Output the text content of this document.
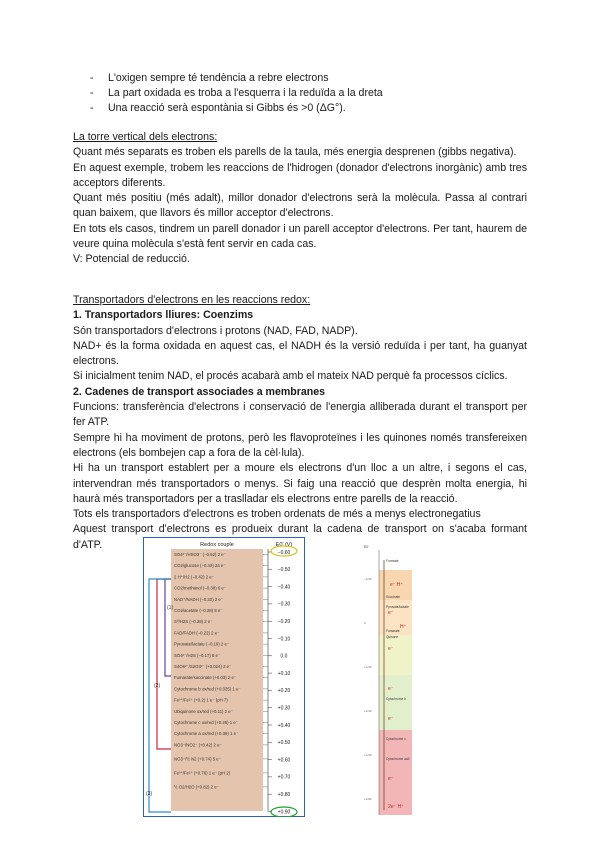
- L'oxigen sempre té tendència a rebre electrons
- La part oxidada es troba a l'esquerra i la reduïda a la dreta
- Una reacció serà espontània si Gibbs és >0 (ΔG°).

La torre vertical dels electrons:

Quant més separats es troben els parells de la taula, més energia desprenen (gibbs negativa).

En aquest exemple, trobem les reaccions de l'hidrogen (donador d'electrons inorgànic) amb tres acceptors diferents.

Quant més positiu (més adalt), millor donador d'electrons serà la molècula. Passa al contrari quan baixem, que llavors és millor acceptor d'electrons.

En tots els casos, tindrem un parell donador i un parell acceptor d'electrons. Per tant, haurem de veure quina molècula s'està fent servir en cada cas.

V: Potencial de reducció.

Transportadors d'electrons en les reaccions redox:

1. Transportadors lliures: Coenzims

Són transportadors d'electrons i protons (NAD, FAD, NADP).

NAD+ és la forma oxidada en aquest cas, el NADH és la versió reduïda i per tant, ha guanyat electrons.

Si inicialment tenim NAD, el procés acabarà amb el mateix NAD perquè fa processos cíclics.

2. Cadenes de transport associades a membranes

Funcions: transferència d'electrons i conservació de l'energia alliberada durant el transport per fer ATP.

Sempre hi ha moviment de protons, però les flavoproteïnes i les quinones només transfereixen electrons (els bombejen cap a fora de la cèl·lula).

Hi ha un transport establert per a moure els electrons d'un lloc a un altre, i segons el cas, intervendran més transportadors o menys. Si faig una reacció que desprèn molta energia, hi haurà més transportadors per a traslladar els electrons entre parells de la reacció.

Tots els transportadors d'electrons es troben ordenats de més a menys electronegatius

Aquest transport d'electrons es produeix durant la cadena de transport on s'acaba formant d'ATP.	Redox couple	E0' (V)
SO4²⁻/HSO3⁻ (−0.52) 2 e⁻
CO2/glucose (−0.43) 24 e⁻
2 H⁺/H2 (−0.42) 2 e⁻
CO2/methanol (−0.38) 6 e⁻
NAD⁺/NADH (−0.32) 2 e⁻
CO2/acetate (−0.28) 8 e⁻
S⁰/H2S (−0.28) 2 e⁻
FAD/FADH (−0.22) 2 e⁻
Pyruvate/lactate (−0.19) 2 e⁻
SO4²⁻/H2S (−0.17) 8 e⁻
S4O6²⁻/S2O3²⁻ (+0.024) 2 e⁻
Fumarate/succinate (+0.03) 2 e⁻
Cytochrome b ox/red (+0.035) 1 e⁻
Fe³⁺/Fe²⁺ (+0.2) 1 e⁻ (pH 7)
Ubiquinone ox/red (+0.11) 2 e⁻
Cytochrome c ox/red (+0.25) 1 e⁻
Cytochrome a ox/red (+0.39) 1 e⁻
NO3⁻/NO2⁻ (+0.42) 2 e⁻
NO3⁻/½ N2 (+0.74) 5 e⁻
Fe³⁺/Fe²⁺ (+0.76) 1 e⁻ (pH 2)
½ O2/H2O (+0.82) 2 e⁻
−0.60
−0.50
−0.40
−0.30
−0.20
−0.10
0.0
+0.10
+0.20
+0.30
+0.40
+0.50
+0.60
+0.70
+0.80
+0.90
(1)
(2)
(3)
E0'
Formiate
Succinate
Pyruvate/lactate
Fumarate
Quinone
Cytochrome b
Cytochrome c
Cytochrome aa3
e⁻ H⁺
e⁻
H⁺
e⁻
e⁻
e⁻
e⁻
2e⁻ H⁺
−0.20
0
+0.20
+0.40
+0.60
+0.80
